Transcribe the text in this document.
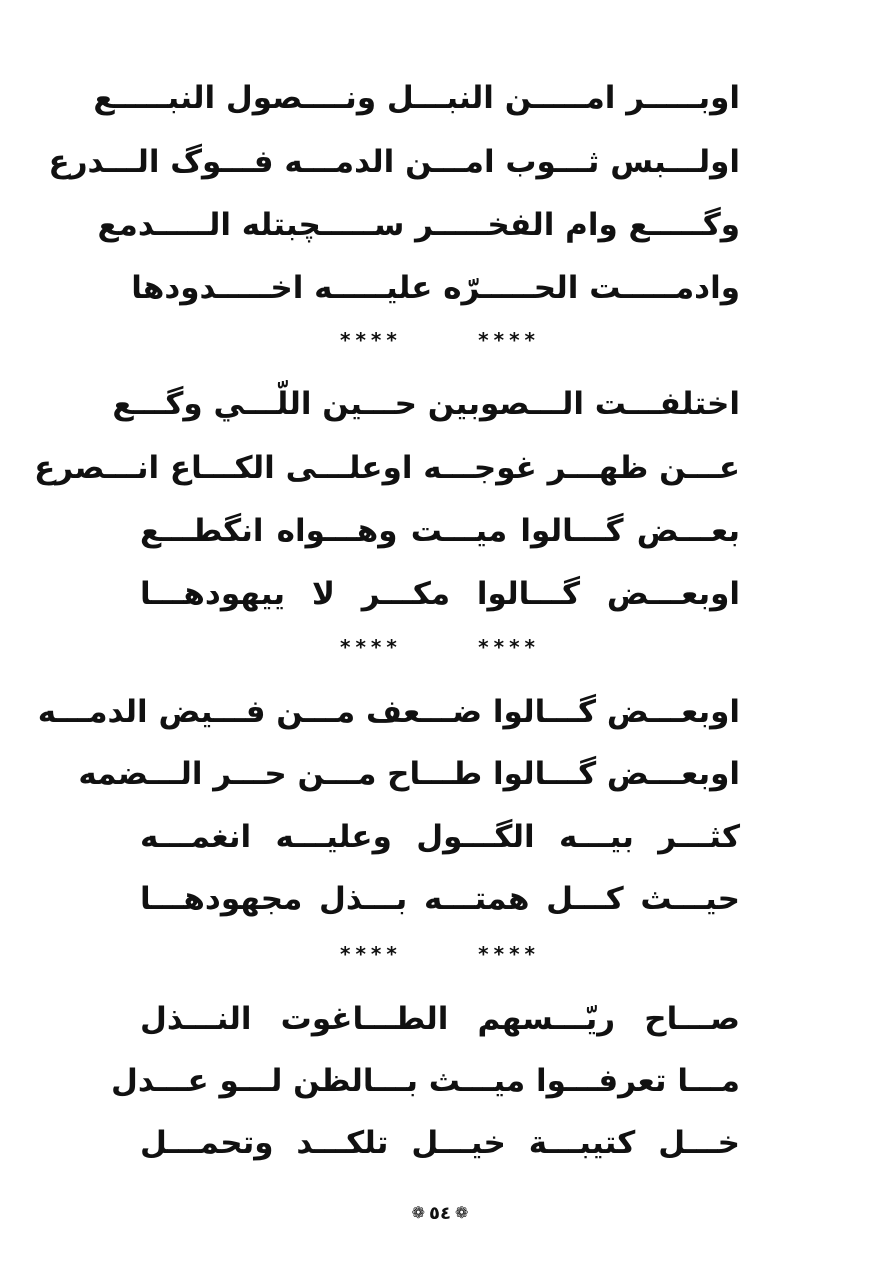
اوبـــــر امـــــن النبـــل ونــــصول النبـــــع
اولـــبس ثـــوب امـــن الدمـــه فـــوگ الـــدرع
وگـــــع وام الفخـــــر ســـــچبتله الـــــدمع
وادمـــــت الحـــــرّه عليـــــه اخـــــدودها
****	****
اختلفـــت الـــصوبين حـــين اللّـــي وگـــع
عـــن ظهـــر غوجـــه اوعلـــى الكـــاع انـــصرع
بعـــض گـــالوا ميـــت وهـــواه انگطـــع
اوبعـــض گـــالوا مكـــر لا ييهودهـــا
****	****
اوبعـــض گـــالوا ضـــعف مـــن فـــيض الدمـــه
اوبعـــض گـــالوا طـــاح مـــن حـــر الـــضمه
كثـــر بيـــه الگـــول وعليـــه انغمـــه
حيـــث كـــل همتـــه بـــذل مجهودهـــا
****	****
صـــاح ريّـــسهم الطـــاغوت النـــذل
مـــا تعرفـــوا ميـــث بـــالظن لـــو عـــدل
خـــل كتيبـــة خيـــل تلكـــد وتحمـــل
❁ ٥٤ ❁
